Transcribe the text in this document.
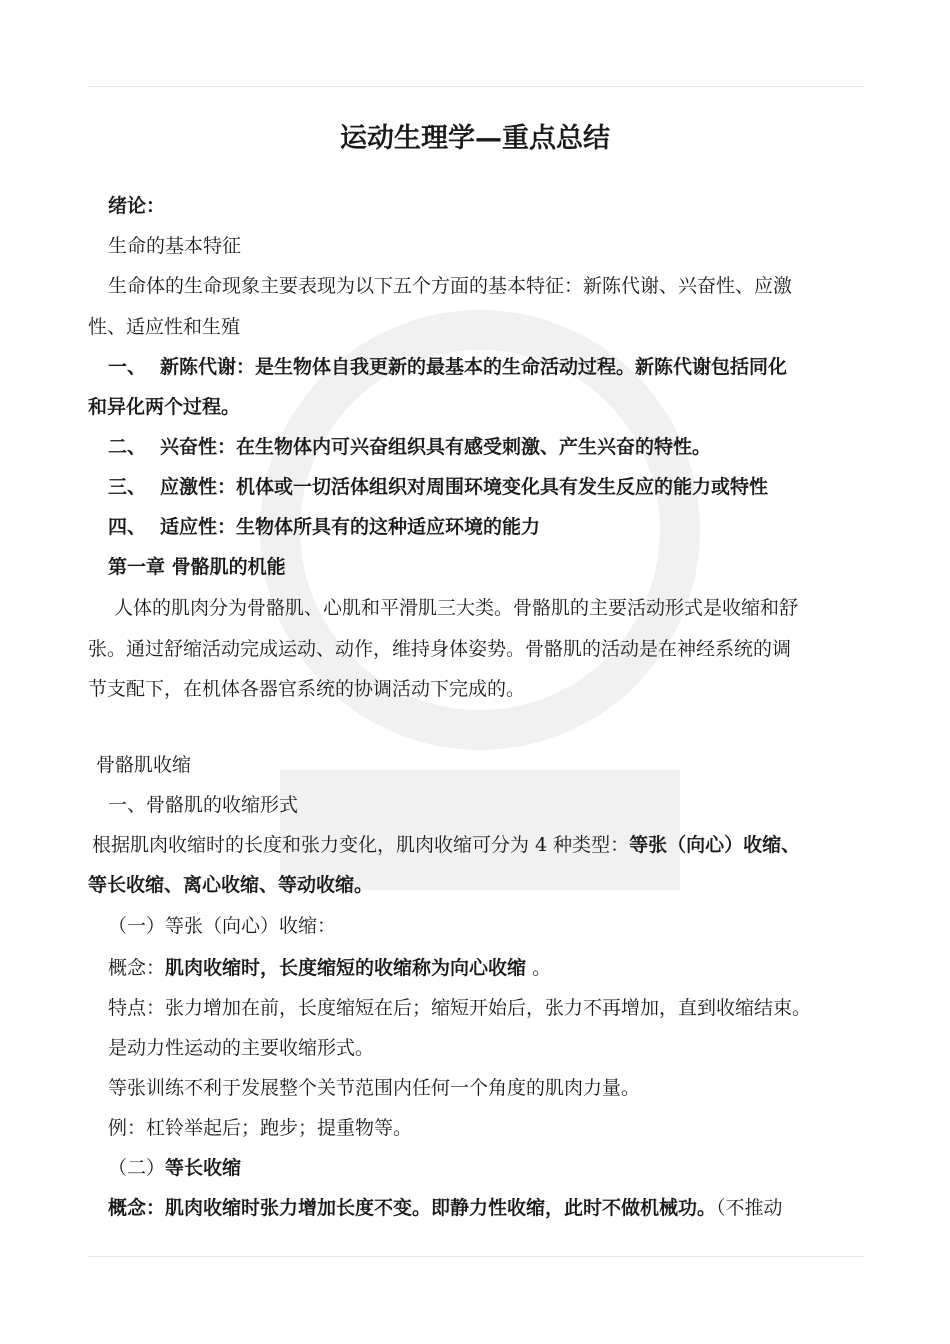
运动生理学—重点总结
绪论：
生命的基本特征
生命体的生命现象主要表现为以下五个方面的基本特征：新陈代谢、兴奋性、应激
性、适应性和生殖
一、 新陈代谢：是生物体自我更新的最基本的生命活动过程。新陈代谢包括同化
和异化两个过程。
二、 兴奋性：在生物体内可兴奋组织具有感受刺激、产生兴奋的特性。
三、 应激性：机体或一切活体组织对周围环境变化具有发生反应的能力或特性
四、 适应性：生物体所具有的这种适应环境的能力
第一章 骨骼肌的机能
人体的肌肉分为骨骼肌、心肌和平滑肌三大类。骨骼肌的主要活动形式是收缩和舒
张。通过舒缩活动完成运动、动作，维持身体姿势。骨骼肌的活动是在神经系统的调
节支配下，在机体各器官系统的协调活动下完成的。
骨骼肌收缩
一、骨骼肌的收缩形式
根据肌肉收缩时的长度和张力变化，肌肉收缩可分为 4 种类型：等张（向心）收缩、
等长收缩、离心收缩、等动收缩。
（一）等张（向心）收缩：
概念：肌肉收缩时，长度缩短的收缩称为向心收缩 。
特点：张力增加在前，长度缩短在后；缩短开始后，张力不再增加，直到收缩结束。
是动力性运动的主要收缩形式。
等张训练不利于发展整个关节范围内任何一个角度的肌肉力量。
例：杠铃举起后；跑步；提重物等。
（二）等长收缩
概念：肌肉收缩时张力增加长度不变。即静力性收缩，此时不做机械功。（不推动
